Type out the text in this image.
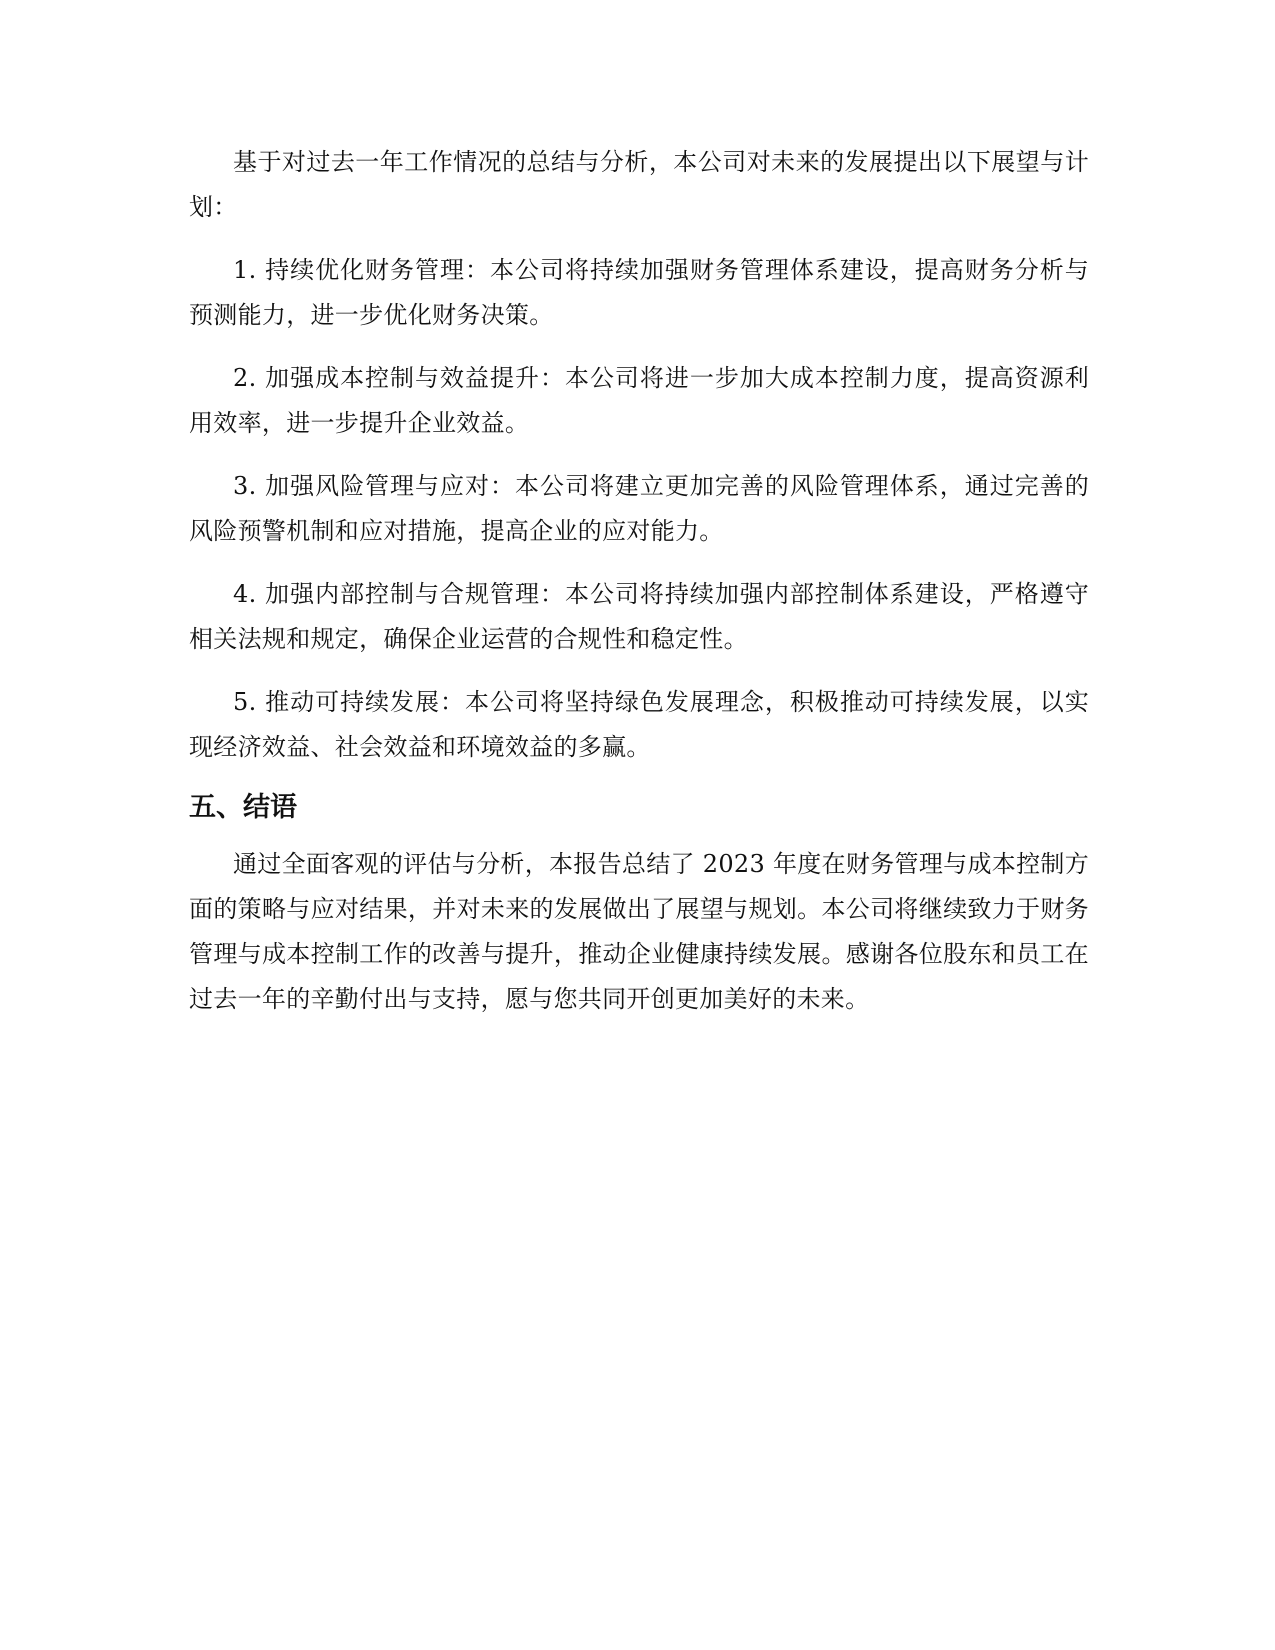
基于对过去一年工作情况的总结与分析，本公司对未来的发展提出以下展望与计划：

1. 持续优化财务管理：本公司将持续加强财务管理体系建设，提高财务分析与预测能力，进一步优化财务决策。

2. 加强成本控制与效益提升：本公司将进一步加大成本控制力度，提高资源利用效率，进一步提升企业效益。

3. 加强风险管理与应对：本公司将建立更加完善的风险管理体系，通过完善的风险预警机制和应对措施，提高企业的应对能力。

4. 加强内部控制与合规管理：本公司将持续加强内部控制体系建设，严格遵守相关法规和规定，确保企业运营的合规性和稳定性。

5. 推动可持续发展：本公司将坚持绿色发展理念，积极推动可持续发展，以实现经济效益、社会效益和环境效益的多赢。

五、结语

通过全面客观的评估与分析，本报告总结了 2023 年度在财务管理与成本控制方面的策略与应对结果，并对未来的发展做出了展望与规划。本公司将继续致力于财务管理与成本控制工作的改善与提升，推动企业健康持续发展。感谢各位股东和员工在过去一年的辛勤付出与支持，愿与您共同开创更加美好的未来。
